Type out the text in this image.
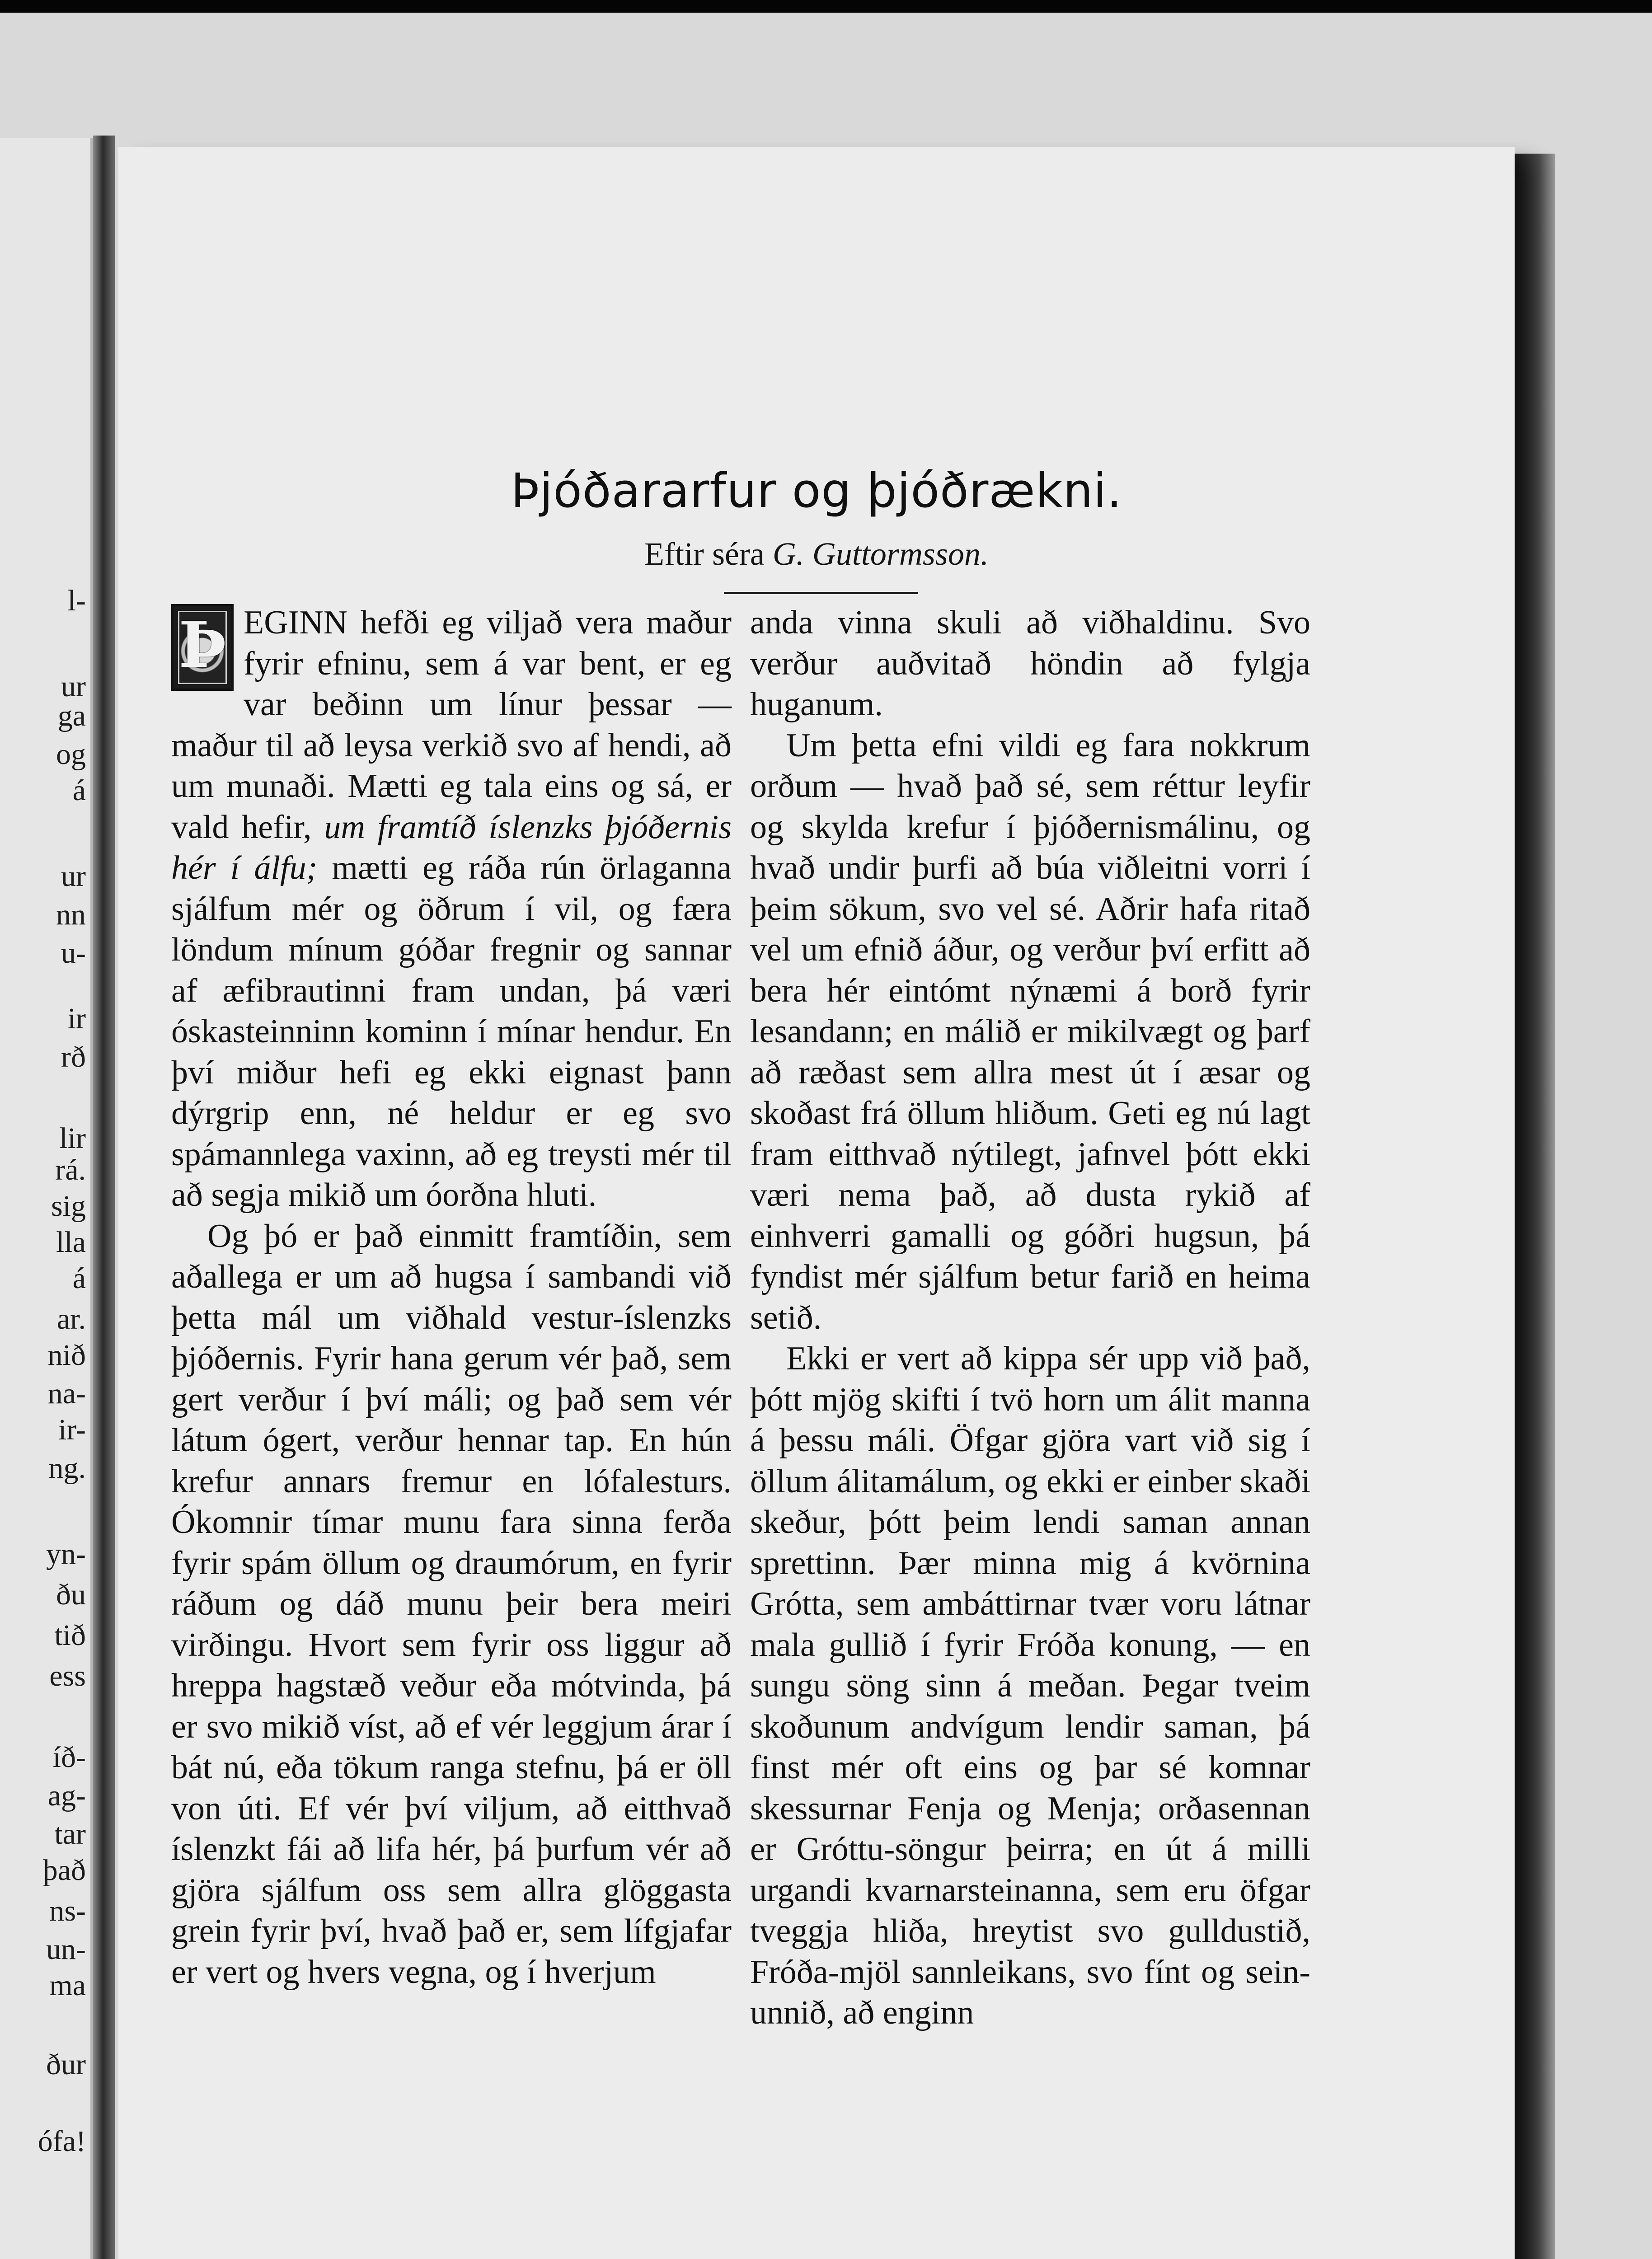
l-
ur
ga
og
á
ur
nn
u-
ir
rð
lir
rá.
sig
lla
á
ar.
nið
na-
ir-
ng.
yn-
ðu
tið
ess
íð-
ag-
tar
það
ns-
un-
ma
ður
ófa!
Þjóðararfur og þjóðrækni.
Eftir séra G. Guttormsson.

Þ EGINN hefði eg viljað vera maður fyrir efninu, sem á var bent, er eg var beðinn um línur þessar — maður til að leysa verkið svo af hendi, að um munaði. Mætti eg tala eins og sá, er vald hefir, um framtíð íslenzks þjóðernis hér í álfu; mætti eg ráða rún örlaganna sjálfum mér og öðrum í vil, og færa löndum mínum góðar fregnir og sannar af æfibrautinni fram undan, þá væri óskasteinninn kominn í mínar hendur. En því miður hefi eg ekki eignast þann dýrgrip enn, né heldur er eg svo spámannlega vaxinn, að eg treysti mér til að segja mikið um óorðna hluti.

Og þó er það einmitt framtíðin, sem aðallega er um að hugsa í sambandi við þetta mál um viðhald vestur-íslenzks þjóðernis. Fyrir hana gerum vér það, sem gert verður í því máli; og það sem vér látum ógert, verður hennar tap. En hún krefur annars fremur en lófalesturs. Ókomnir tímar munu fara sinna ferða fyrir spám öllum og draumórum, en fyrir ráðum og dáð munu þeir bera meiri virðingu. Hvort sem fyrir oss liggur að hreppa hagstæð veður eða mótvinda, þá er svo mikið víst, að ef vér leggjum árar í bát nú, eða tökum ranga stefnu, þá er öll von úti. Ef vér því viljum, að eitthvað íslenzkt fái að lifa hér, þá þurfum vér að gjöra sjálfum oss sem allra glöggasta grein fyrir því, hvað það er, sem lífgjafar er vert og hvers vegna, og í hverjum

anda vinna skuli að viðhaldinu. Svo verður auðvitað höndin að fylgja huganum.

Um þetta efni vildi eg fara nokkrum orðum — hvað það sé, sem réttur leyfir og skylda krefur í þjóðernismálinu, og hvað undir þurfi að búa viðleitni vorri í þeim sökum, svo vel sé. Aðrir hafa ritað vel um efnið áður, og verður því erfitt að bera hér eintómt nýnæmi á borð fyrir lesandann; en málið er mikilvægt og þarf að ræðast sem allra mest út í æsar og skoðast frá öllum hliðum. Geti eg nú lagt fram eitthvað nýtilegt, jafnvel þótt ekki væri nema það, að dusta rykið af einhverri gamalli og góðri hugsun, þá fyndist mér sjálfum betur farið en heima setið.

Ekki er vert að kippa sér upp við það, þótt mjög skifti í tvö horn um álit manna á þessu máli. Öfgar gjöra vart við sig í öllum álitamálum, og ekki er einber skaði skeður, þótt þeim lendi saman annan sprettinn. Þær minna mig á kvörnina Grótta, sem ambáttirnar tvær voru látnar mala gullið í fyrir Fróða konung, — en sungu söng sinn á meðan. Þegar tveim skoðunum andvígum lendir saman, þá finst mér oft eins og þar sé komnar skessurnar Fenja og Menja; orðasennan er Gróttu-söngur þeirra; en út á milli urgandi kvarnarsteinanna, sem eru öfgar tveggja hliða, hreytist svo gulldustið, Fróða-mjöl sannleikans, svo fínt og sein-unnið, að enginn
